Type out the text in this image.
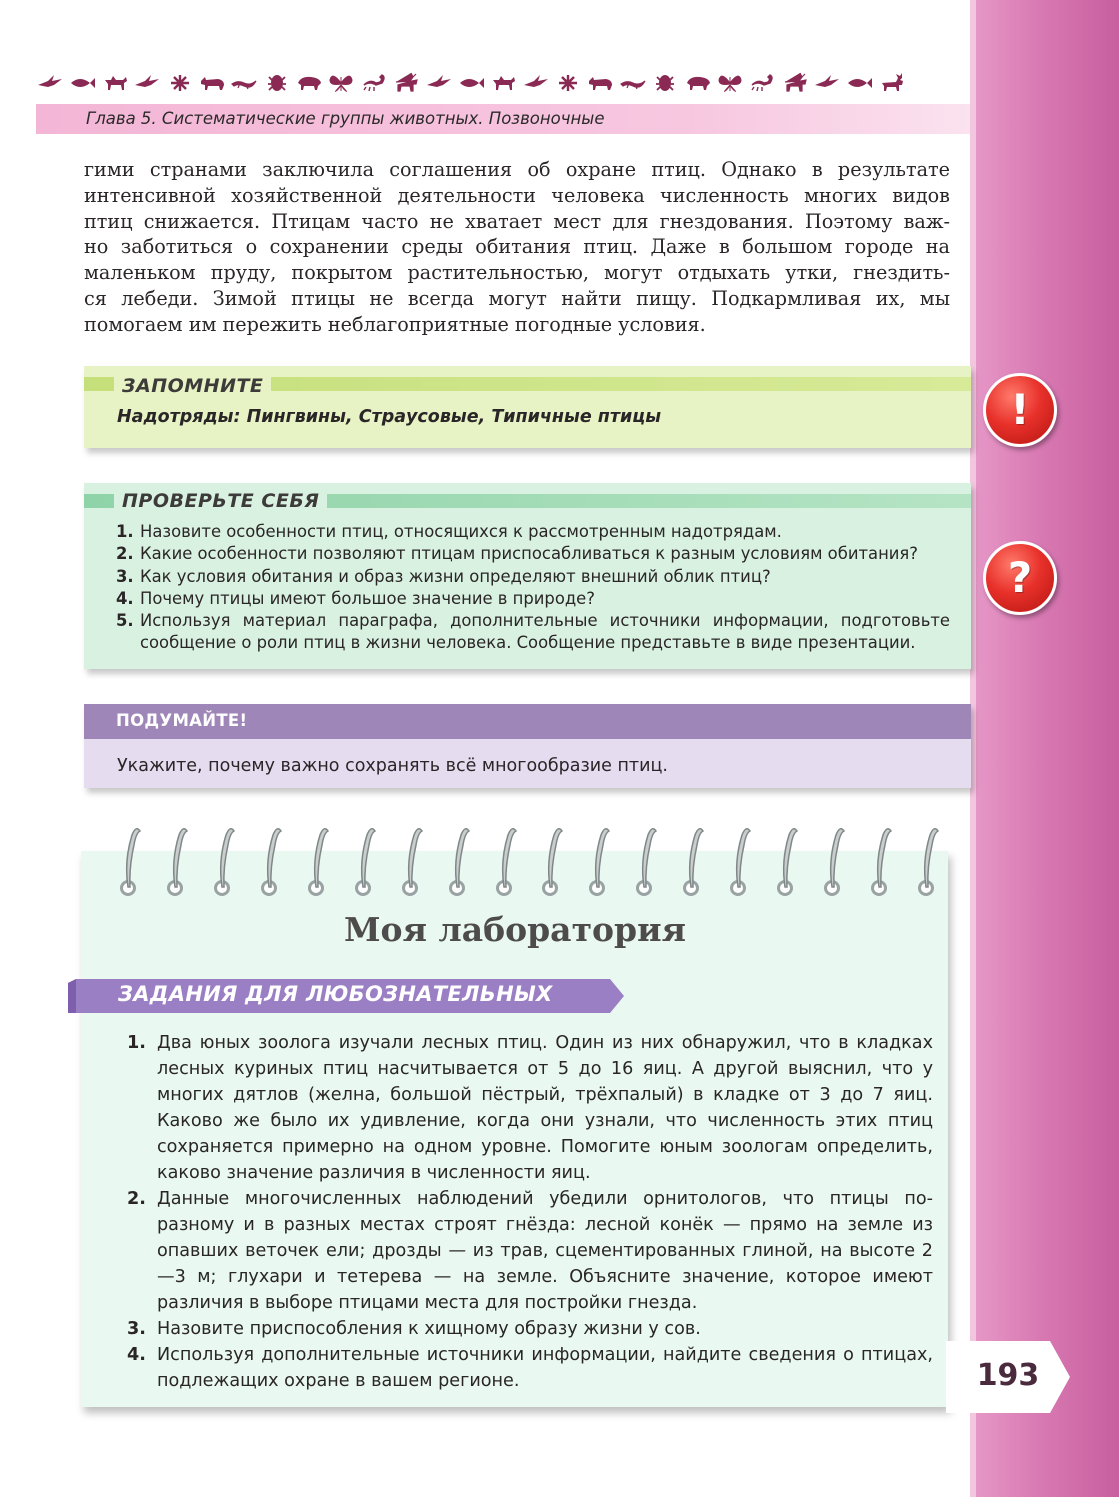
Глава 5. Систематические группы животных. Позвоночные
гими странами заключила соглашения об охране птиц. Однако в результате
интенсивной хозяйственной деятельности человека численность многих видов
птиц снижается. Птицам часто не хватает мест для гнездования. Поэтому важ-
но заботиться о сохранении среды обитания птиц. Даже в большом городе на
маленьком пруду, покрытом растительностью, могут отдыхать утки, гнездить-
ся лебеди. Зимой птицы не всегда могут найти пищу. Подкармливая их, мы
помогаем им пережить неблагоприятные погодные условия.
ЗАПОМНИТЕ
Надотряды: Пингвины, Страусовые, Типичные птицы	!
ПРОВЕРЬТЕ СЕБЯ
1. Назовите особенности птиц, относящихся к рассмотренным надотрядам.
2. Какие особенности позволяют птицам приспосабливаться к разным условиям обитания?
3. Как условия обитания и образ жизни определяют внешний облик птиц?
4. Почему птицы имеют большое значение в природе?
5. Используя материал параграфа, дополнительные источники информации, подготовьте сообщение о роли птиц в жизни человека. Сообщение представьте в виде презентации.
?
ПОДУМАЙТЕ!
Укажите, почему важно сохранять всё многообразие птиц.
Моя лаборатория
ЗАДАНИЯ ДЛЯ ЛЮБОЗНАТЕЛЬНЫХ
1. Два юных зоолога изучали лесных птиц. Один из них обнаружил, что в кладках лесных куриных птиц насчитывается от 5 до 16 яиц. А другой выяснил, что у многих дятлов (желна, большой пёстрый, трёхпалый) в кладке от 3 до 7 яиц. Каково же было их удивление, когда они узнали, что численность этих птиц сохраняется примерно на одном уровне. Помогите юным зоологам определить, каково значение различия в численности яиц.
2. Данные многочисленных наблюдений убедили орнитологов, что птицы по-разному и в разных местах строят гнёзда: лесной конёк — прямо на земле из опавших веточек ели; дрозды — из трав, сцементированных глиной, на высоте 2—3 м; глухари и тетерева — на земле. Объясните значение, которое имеют различия в выборе птицами места для постройки гнезда.
3. Назовите приспособления к хищному образу жизни у сов.
4. Используя дополнительные источники информации, найдите сведения о птицах, подлежащих охране в вашем регионе.	193
